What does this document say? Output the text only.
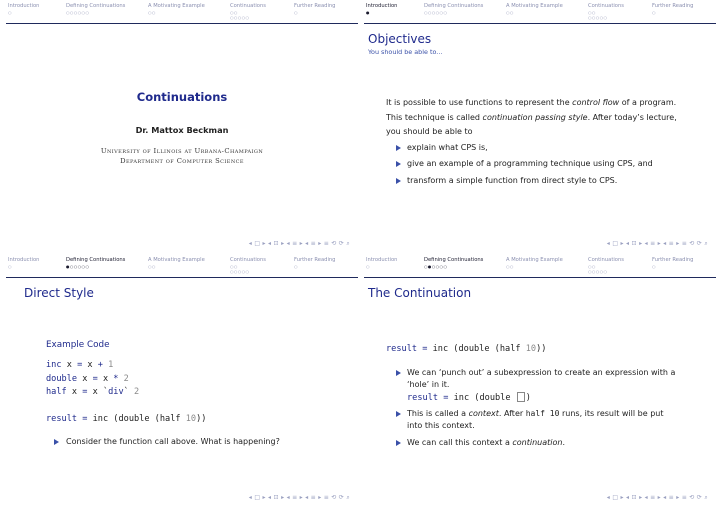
Introduction
○
Defining Continuations
○○○○○○
A Motivating Example
○○
Continuations
○○
○○○○○
Further Reading
○
Continuations
Dr. Mattox Beckman
University of Illinois at Urbana-Champaign
Department of Computer Science
◂ □ ▸ ◂ ⊡ ▸ ◂ ≡ ▸ ◂ ≡ ▸ ≡ ⟲ ⟳ ⌕
Introduction
●
Defining Continuations
○○○○○○
A Motivating Example
○○
Continuations
○○
○○○○○
Further Reading
○
Objectives
You should be able to...
It is possible to use functions to represent the control flow of a program.
This technique is called continuation passing style. After today’s lecture,
you should be able to
explain what CPS is,
give an example of a programming technique using CPS, and
transform a simple function from direct style to CPS.
◂ □ ▸ ◂ ⊡ ▸ ◂ ≡ ▸ ◂ ≡ ▸ ≡ ⟲ ⟳ ⌕
Introduction
○
Defining Continuations
●○○○○○
A Motivating Example
○○
Continuations
○○
○○○○○
Further Reading
○
Direct Style
Example Code
inc x = x + 1
double x = x * 2
half x = x `div` 2

result = inc (double (half 10))
Consider the function call above. What is happening?
◂ □ ▸ ◂ ⊡ ▸ ◂ ≡ ▸ ◂ ≡ ▸ ≡ ⟲ ⟳ ⌕
Introduction
○
Defining Continuations
○●○○○○
A Motivating Example
○○
Continuations
○○
○○○○○
Further Reading
○
The Continuation
result = inc (double (half 10))
We can ‘punch out’ a subexpression to create an expression with a
‘hole’ in it.
result = inc (double )
This is called a context. After half 10 runs, its result will be put
into this context.
We can call this context a continuation.
◂ □ ▸ ◂ ⊡ ▸ ◂ ≡ ▸ ◂ ≡ ▸ ≡ ⟲ ⟳ ⌕
